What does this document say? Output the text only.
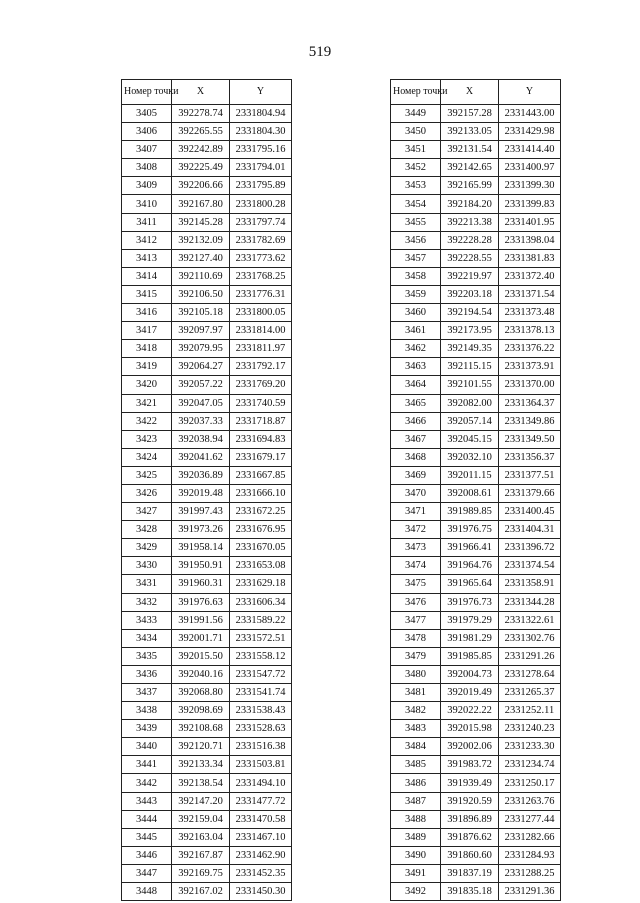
519
Номер точки	X	Y
3405	392278.74	2331804.94
3406	392265.55	2331804.30
3407	392242.89	2331795.16
3408	392225.49	2331794.01
3409	392206.66	2331795.89
3410	392167.80	2331800.28
3411	392145.28	2331797.74
3412	392132.09	2331782.69
3413	392127.40	2331773.62
3414	392110.69	2331768.25
3415	392106.50	2331776.31
3416	392105.18	2331800.05
3417	392097.97	2331814.00
3418	392079.95	2331811.97
3419	392064.27	2331792.17
3420	392057.22	2331769.20
3421	392047.05	2331740.59
3422	392037.33	2331718.87
3423	392038.94	2331694.83
3424	392041.62	2331679.17
3425	392036.89	2331667.85
3426	392019.48	2331666.10
3427	391997.43	2331672.25
3428	391973.26	2331676.95
3429	391958.14	2331670.05
3430	391950.91	2331653.08
3431	391960.31	2331629.18
3432	391976.63	2331606.34
3433	391991.56	2331589.22
3434	392001.71	2331572.51
3435	392015.50	2331558.12
3436	392040.16	2331547.72
3437	392068.80	2331541.74
3438	392098.69	2331538.43
3439	392108.68	2331528.63
3440	392120.71	2331516.38
3441	392133.34	2331503.81
3442	392138.54	2331494.10
3443	392147.20	2331477.72
3444	392159.04	2331470.58
3445	392163.04	2331467.10
3446	392167.87	2331462.90
3447	392169.75	2331452.35
3448	392167.02	2331450.30
Номер точки	X	Y
3449	392157.28	2331443.00
3450	392133.05	2331429.98
3451	392131.54	2331414.40
3452	392142.65	2331400.97
3453	392165.99	2331399.30
3454	392184.20	2331399.83
3455	392213.38	2331401.95
3456	392228.28	2331398.04
3457	392228.55	2331381.83
3458	392219.97	2331372.40
3459	392203.18	2331371.54
3460	392194.54	2331373.48
3461	392173.95	2331378.13
3462	392149.35	2331376.22
3463	392115.15	2331373.91
3464	392101.55	2331370.00
3465	392082.00	2331364.37
3466	392057.14	2331349.86
3467	392045.15	2331349.50
3468	392032.10	2331356.37
3469	392011.15	2331377.51
3470	392008.61	2331379.66
3471	391989.85	2331400.45
3472	391976.75	2331404.31
3473	391966.41	2331396.72
3474	391964.76	2331374.54
3475	391965.64	2331358.91
3476	391976.73	2331344.28
3477	391979.29	2331322.61
3478	391981.29	2331302.76
3479	391985.85	2331291.26
3480	392004.73	2331278.64
3481	392019.49	2331265.37
3482	392022.22	2331252.11
3483	392015.98	2331240.23
3484	392002.06	2331233.30
3485	391983.72	2331234.74
3486	391939.49	2331250.17
3487	391920.59	2331263.76
3488	391896.89	2331277.44
3489	391876.62	2331282.66
3490	391860.60	2331284.93
3491	391837.19	2331288.25
3492	391835.18	2331291.36
